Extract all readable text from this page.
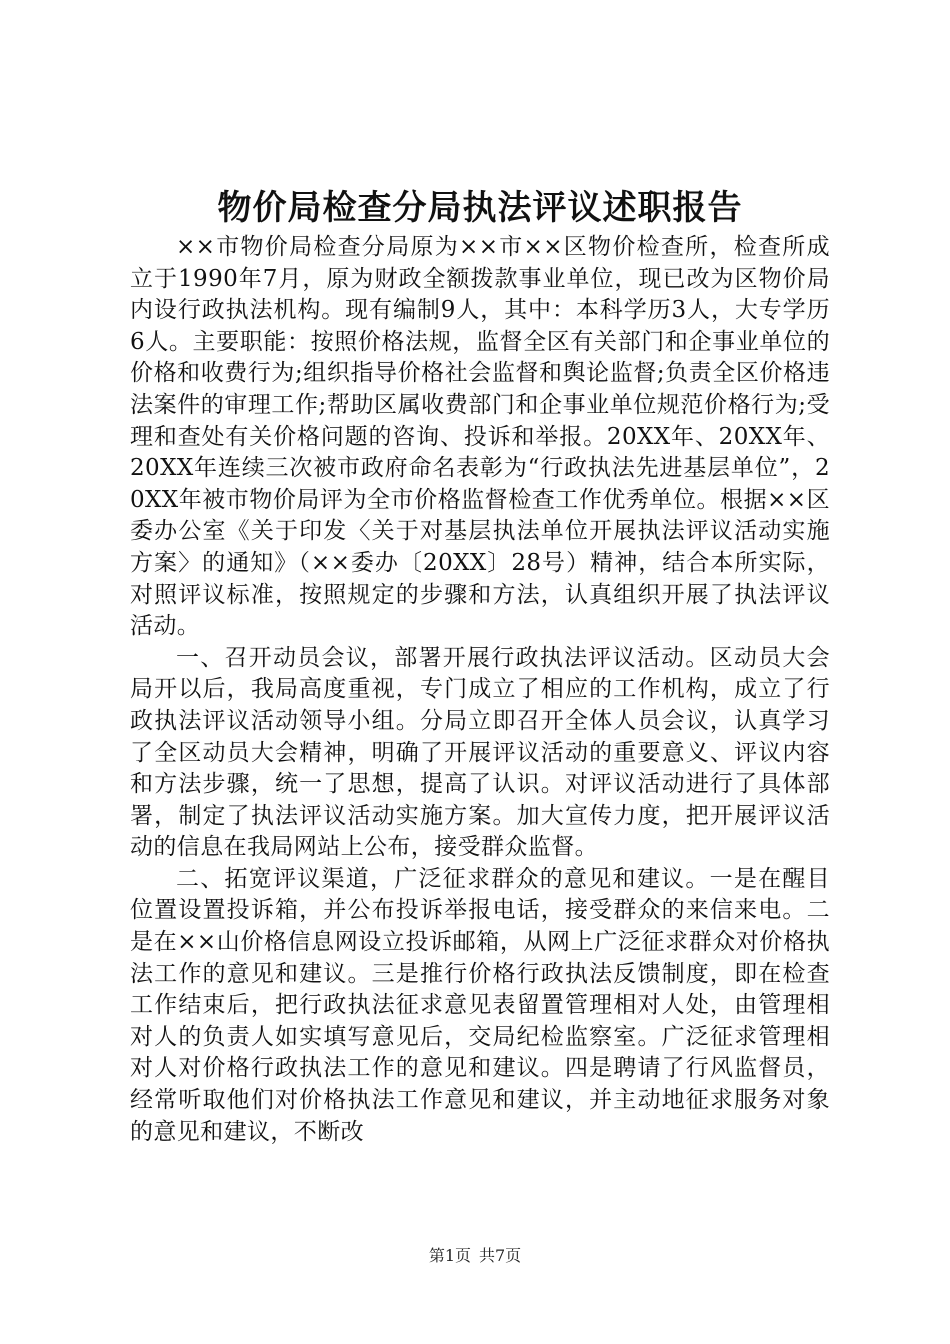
物价局检查分局执法评议述职报告

××市物价局检查分局原为××市××区物价检查所，检查所成立于1990年7月，原为财政全额拨款事业单位，现已改为区物价局内设行政执法机构。现有编制9人，其中：本科学历3人，大专学历6人。主要职能：按照价格法规，监督全区有关部门和企事业单位的价格和收费行为;组织指导价格社会监督和舆论监督;负责全区价格违法案件的审理工作;帮助区属收费部门和企事业单位规范价格行为;受理和查处有关价格问题的咨询、投诉和举报。20XX年、20XX年、20XX年连续三次被市政府命名表彰为“行政执法先进基层单位”，20XX年被市物价局评为全市价格监督检查工作优秀单位。根据××区委办公室《关于印发〈关于对基层执法单位开展执法评议活动实施方案〉的通知》（××委办〔20XX〕28号）精神，结合本所实际，对照评议标准，按照规定的步骤和方法，认真组织开展了执法评议活动。

一、召开动员会议，部署开展行政执法评议活动。区动员大会局开以后，我局高度重视，专门成立了相应的工作机构，成立了行政执法评议活动领导小组。分局立即召开全体人员会议，认真学习了全区动员大会精神，明确了开展评议活动的重要意义、评议内容和方法步骤，统一了思想，提高了认识。对评议活动进行了具体部署，制定了执法评议活动实施方案。加大宣传力度，把开展评议活动的信息在我局网站上公布，接受群众监督。

二、拓宽评议渠道，广泛征求群众的意见和建议。一是在醒目位置设置投诉箱，并公布投诉举报电话，接受群众的来信来电。二是在××山价格信息网设立投诉邮箱，从网上广泛征求群众对价格执法工作的意见和建议。三是推行价格行政执法反馈制度，即在检查工作结束后，把行政执法征求意见表留置管理相对人处，由管理相对人的负责人如实填写意见后，交局纪检监察室。广泛征求管理相对人对价格行政执法工作的意见和建议。四是聘请了行风监督员，经常听取他们对价格执法工作意见和建议，并主动地征求服务对象的意见和建议，不断改

第1页 共7页
